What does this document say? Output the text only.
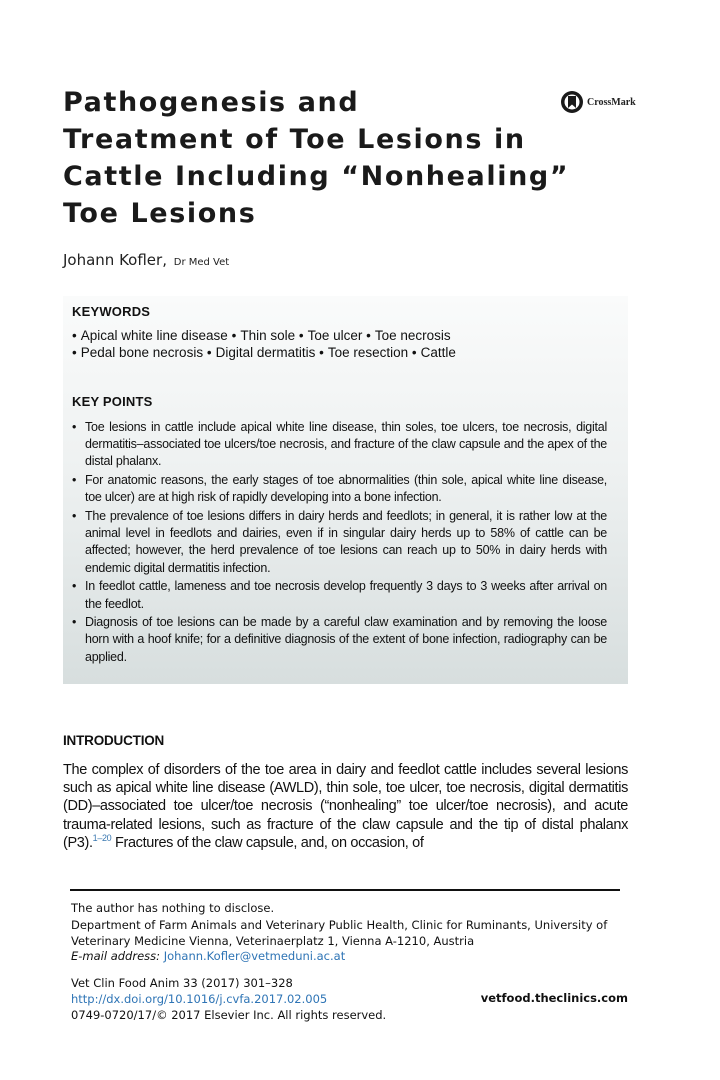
Pathogenesis and
Treatment of Toe Lesions in
Cattle Including “Nonhealing”
Toe Lesions
CrossMark
Johann Kofler, Dr Med Vet
KEYWORDS
• Apical white line disease • Thin sole • Toe ulcer • Toe necrosis
• Pedal bone necrosis • Digital dermatitis • Toe resection • Cattle
KEY POINTS
• Toe lesions in cattle include apical white line disease, thin soles, toe ulcers, toe necrosis, digital dermatitis–associated toe ulcers/toe necrosis, and fracture of the claw capsule and the apex of the distal phalanx.
• For anatomic reasons, the early stages of toe abnormalities (thin sole, apical white line disease, toe ulcer) are at high risk of rapidly developing into a bone infection.
• The prevalence of toe lesions differs in dairy herds and feedlots; in general, it is rather low at the animal level in feedlots and dairies, even if in singular dairy herds up to 58% of cattle can be affected; however, the herd prevalence of toe lesions can reach up to 50% in dairy herds with endemic digital dermatitis infection.
• In feedlot cattle, lameness and toe necrosis develop frequently 3 days to 3 weeks after arrival on the feedlot.
• Diagnosis of toe lesions can be made by a careful claw examination and by removing the loose horn with a hoof knife; for a definitive diagnosis of the extent of bone infection, radiography can be applied.
INTRODUCTION

The complex of disorders of the toe area in dairy and feedlot cattle includes several lesions such as apical white line disease (AWLD), thin sole, toe ulcer, toe necrosis, digital dermatitis (DD)–associated toe ulcer/toe necrosis (“nonhealing” toe ulcer/toe necrosis), and acute trauma-related lesions, such as fracture of the claw capsule and the tip of distal phalanx (P3).$^{1-20}$ Fractures of the claw capsule, and, on occasion, of

The author has nothing to disclose.
Department of Farm Animals and Veterinary Public Health, Clinic for Ruminants, University of Veterinary Medicine Vienna, Veterinaerplatz 1, Vienna A-1210, Austria
E-mail address: Johann.Kofler@vetmeduni.ac.at
Vet Clin Food Anim 33 (2017) 301–328
http://dx.doi.org/10.1016/j.cvfa.2017.02.005
0749-0720/17/© 2017 Elsevier Inc. All rights reserved.
vetfood.theclinics.com
